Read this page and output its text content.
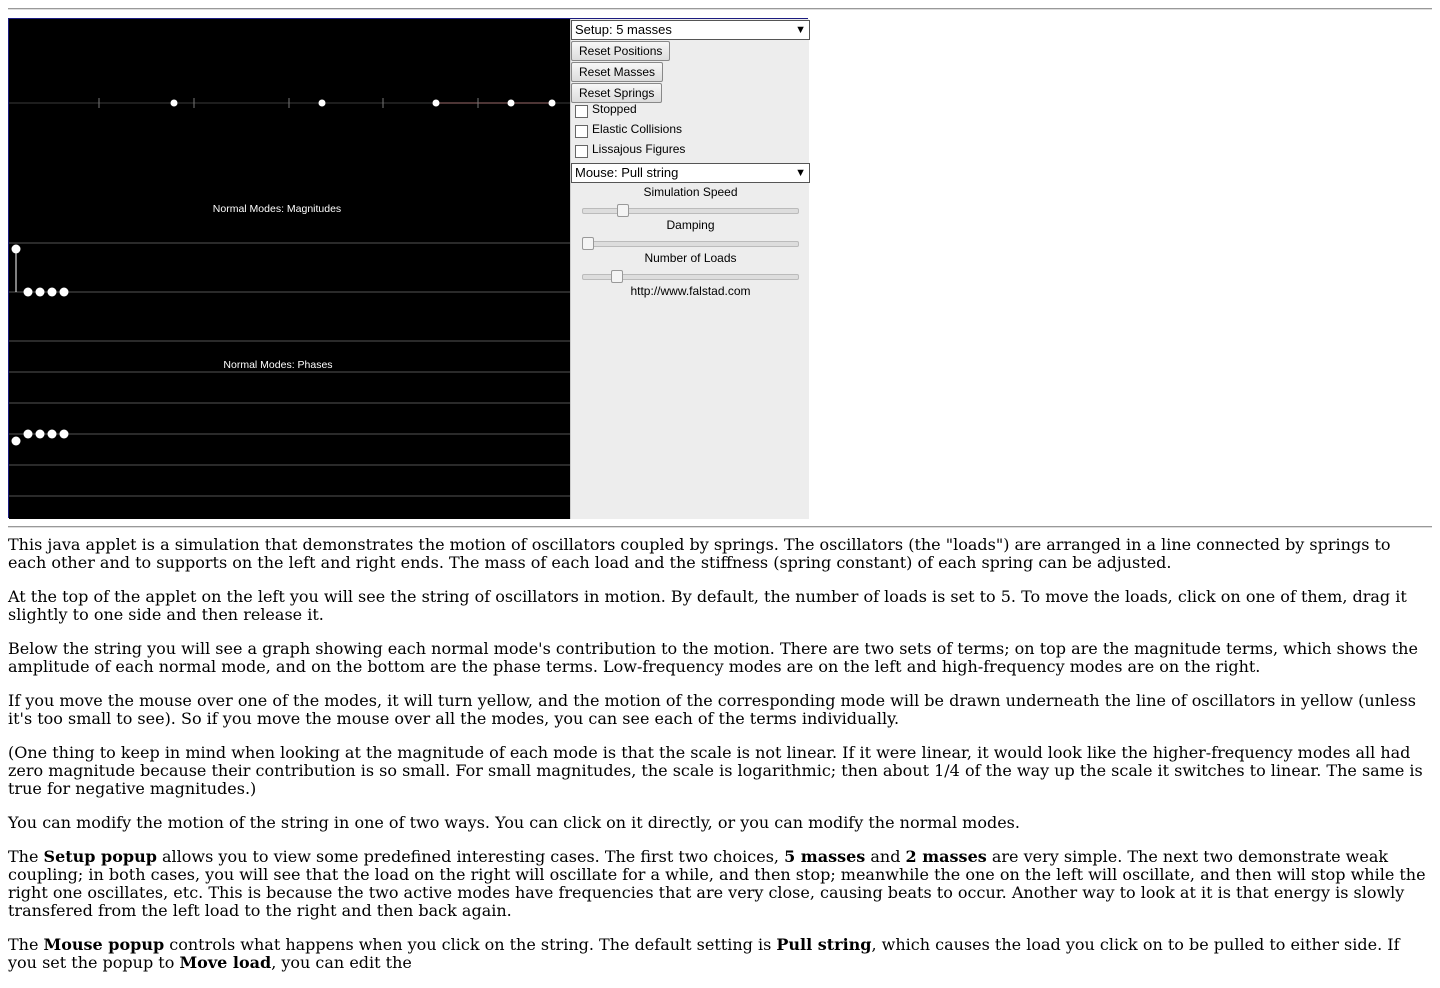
Normal Modes: Magnitudes
Normal Modes: Phases
Setup: 5 masses	▼
Reset Positions
Reset Masses
Reset Springs
Stopped
Elastic Collisions
Lissajous Figures
Mouse: Pull string	▼
Simulation Speed
Damping
Number of Loads
http://www.falstad.com

This java applet is a simulation that demonstrates the motion of oscillators coupled by springs. The oscillators (the "loads") are arranged in a line connected by springs to each other and to supports on the left and right ends. The mass of each load and the stiffness (spring constant) of each spring can be adjusted.

At the top of the applet on the left you will see the string of oscillators in motion. By default, the number of loads is set to 5. To move the loads, click on one of them, drag it slightly to one side and then release it.

Below the string you will see a graph showing each normal mode's contribution to the motion. There are two sets of terms; on top are the magnitude terms, which shows the amplitude of each normal mode, and on the bottom are the phase terms. Low-frequency modes are on the left and high-frequency modes are on the right.

If you move the mouse over one of the modes, it will turn yellow, and the motion of the corresponding mode will be drawn underneath the line of oscillators in yellow (unless it's too small to see). So if you move the mouse over all the modes, you can see each of the terms individually.

(One thing to keep in mind when looking at the magnitude of each mode is that the scale is not linear. If it were linear, it would look like the higher-frequency modes all had zero magnitude because their contribution is so small. For small magnitudes, the scale is logarithmic; then about 1/4 of the way up the scale it switches to linear. The same is true for negative magnitudes.)

You can modify the motion of the string in one of two ways. You can click on it directly, or you can modify the normal modes.

The Setup popup allows you to view some predefined interesting cases. The first two choices, 5 masses and 2 masses are very simple. The next two demonstrate weak coupling; in both cases, you will see that the load on the right will oscillate for a while, and then stop; meanwhile the one on the left will oscillate, and then will stop while the right one oscillates, etc. This is because the two active modes have frequencies that are very close, causing beats to occur. Another way to look at it is that energy is slowly transfered from the left load to the right and then back again.

The Mouse popup controls what happens when you click on the string. The default setting is Pull string, which causes the load you click on to be pulled to either side. If you set the popup to Move load, you can edit the
